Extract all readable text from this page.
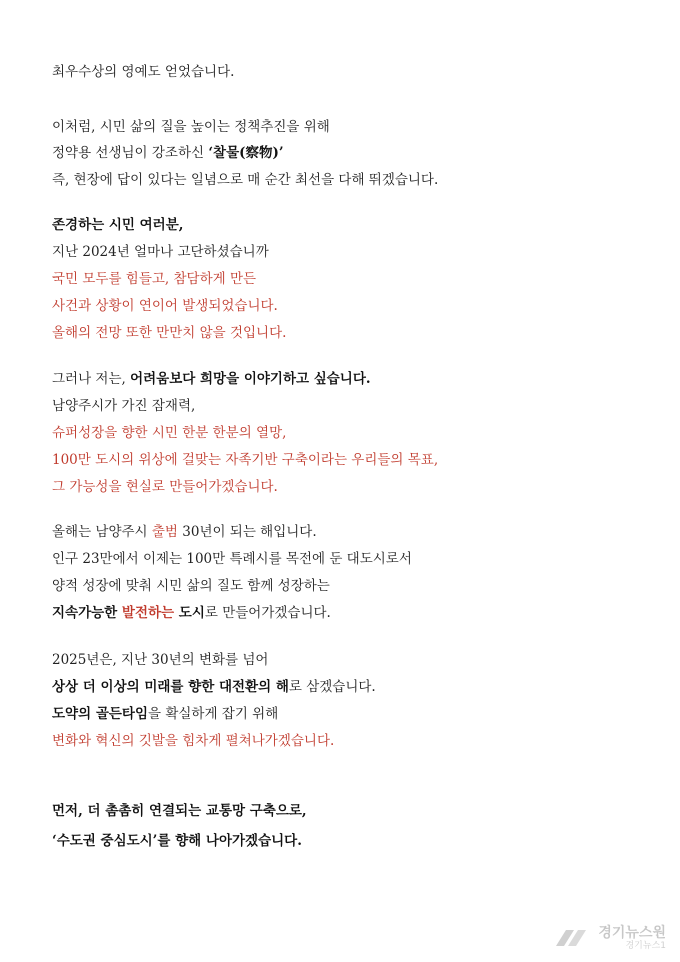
최우수상의 영예도 얻었습니다.
이처럼, 시민 삶의 질을 높이는 정책추진을 위해
정약용 선생님이 강조하신 ‘찰물(察物)’
즉, 현장에 답이 있다는 일념으로 매 순간 최선을 다해 뛰겠습니다.
존경하는 시민 여러분,
지난 2024년 얼마나 고단하셨습니까
국민 모두를 힘들고, 참담하게 만든
사건과 상황이 연이어 발생되었습니다.
올해의 전망 또한 만만치 않을 것입니다.
그러나 저는, 어려움보다 희망을 이야기하고 싶습니다.
남양주시가 가진 잠재력,
슈퍼성장을 향한 시민 한분 한분의 열망,
100만 도시의 위상에 걸맞는 자족기반 구축이라는 우리들의 목표,
그 가능성을 현실로 만들어가겠습니다.
올해는 남양주시 출범 30년이 되는 해입니다.
인구 23만에서 이제는 100만 특례시를 목전에 둔 대도시로서
양적 성장에 맞춰 시민 삶의 질도 함께 성장하는
지속가능한 발전하는 도시로 만들어가겠습니다.
2025년은, 지난 30년의 변화를 넘어
상상 더 이상의 미래를 향한 대전환의 해로 삼겠습니다.
도약의 골든타임을 확실하게 잡기 위해
변화와 혁신의 깃발을 힘차게 펼쳐나가겠습니다.
먼저, 더 촘촘히 연결되는 교통망 구축으로,
‘수도권 중심도시’를 향해 나아가겠습니다.
경기뉴스원
경기뉴스1
